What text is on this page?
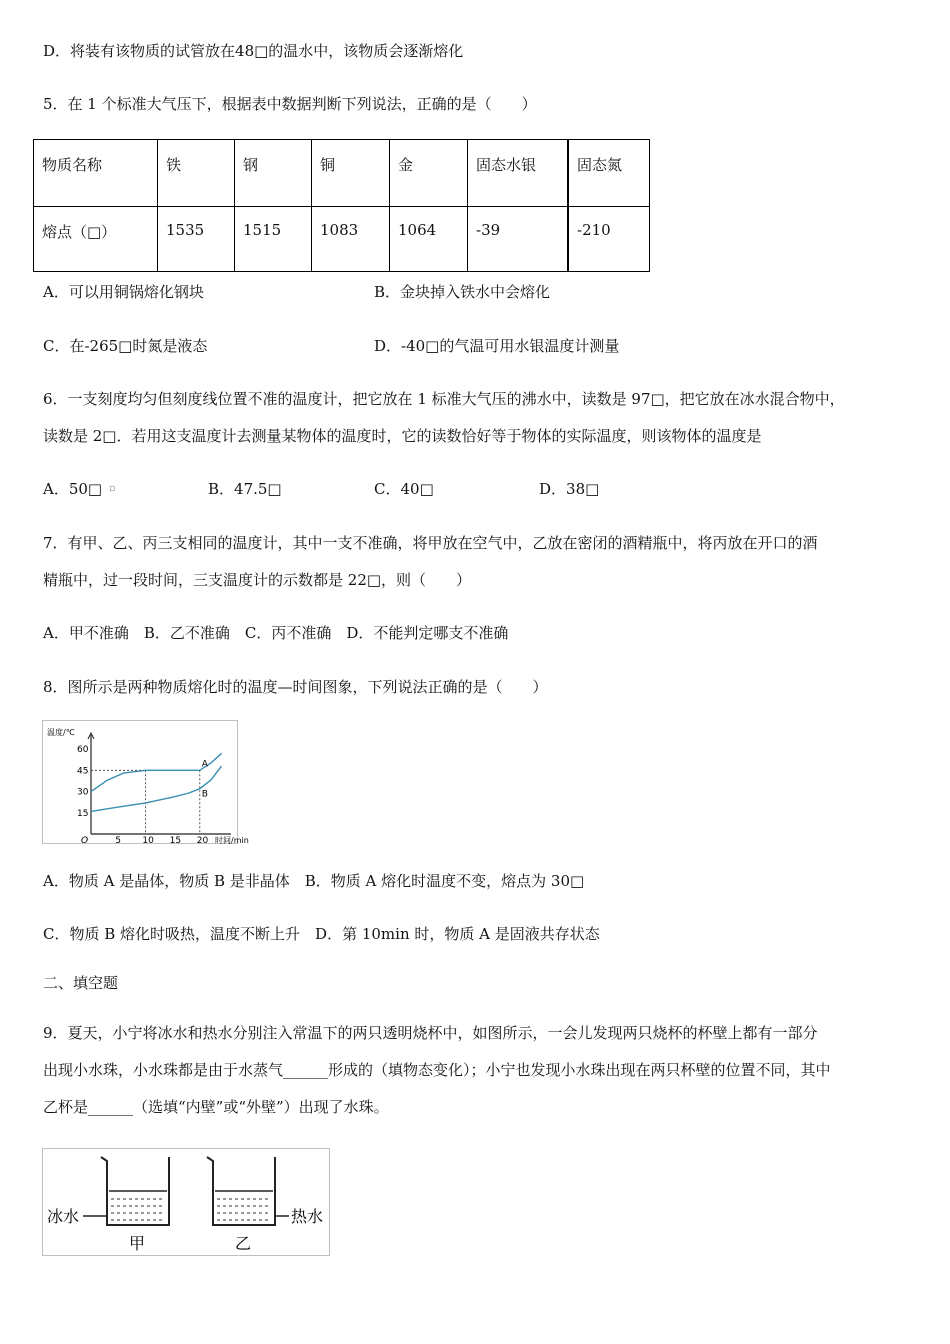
D．将装有该物质的试管放在48□的温水中，该物质会逐渐熔化
5．在 1 个标准大气压下，根据表中数据判断下列说法，正确的是（　　）
物质名称	铁	钢	铜	金	固态水银	固态氮
熔点（□）	1535	1515	1083	1064	-39	-210
A．可以用铜锅熔化钢块	B．金块掉入铁水中会熔化
C．在-265□时氮是液态	D．-40□的气温可用水银温度计测量
6．一支刻度均匀但刻度线位置不准的温度计，把它放在 1 标准大气压的沸水中，读数是 97□，把它放在冰水混合物中，
读数是 2□．若用这支温度计去测量某物体的温度时，它的读数恰好等于物体的实际温度，则该物体的温度是
A．50□ ▫	B．47.5□	C．40□	D．38□
7．有甲、乙、丙三支相同的温度计，其中一支不准确，将甲放在空气中，乙放在密闭的酒精瓶中，将丙放在开口的酒
精瓶中，过一段时间，三支温度计的示数都是 22□，则（　　）
A．甲不准确　B．乙不准确　C．丙不准确　D．不能判定哪支不准确
8．图所示是两种物质熔化时的温度—时间图象，下列说法正确的是（　　）
温度/℃
时间/min
O	5 10 15 20
15
30
45
60
A
B
A．物质 A 是晶体，物质 B 是非晶体　B．物质 A 熔化时温度不变，熔点为 30□
C．物质 B 熔化时吸热，温度不断上升　D．第 10min 时，物质 A 是固液共存状态
二、填空题
9．夏天，小宁将冰水和热水分别注入常温下的两只透明烧杯中，如图所示，一会儿发现两只烧杯的杯壁上都有一部分
出现小水珠，小水珠都是由于水蒸气______形成的（填物态变化）；小宁也发现小水珠出现在两只杯壁的位置不同，其中
乙杯是______（选填“内壁”或“外壁”）出现了水珠。
冰水	热水
甲	乙
